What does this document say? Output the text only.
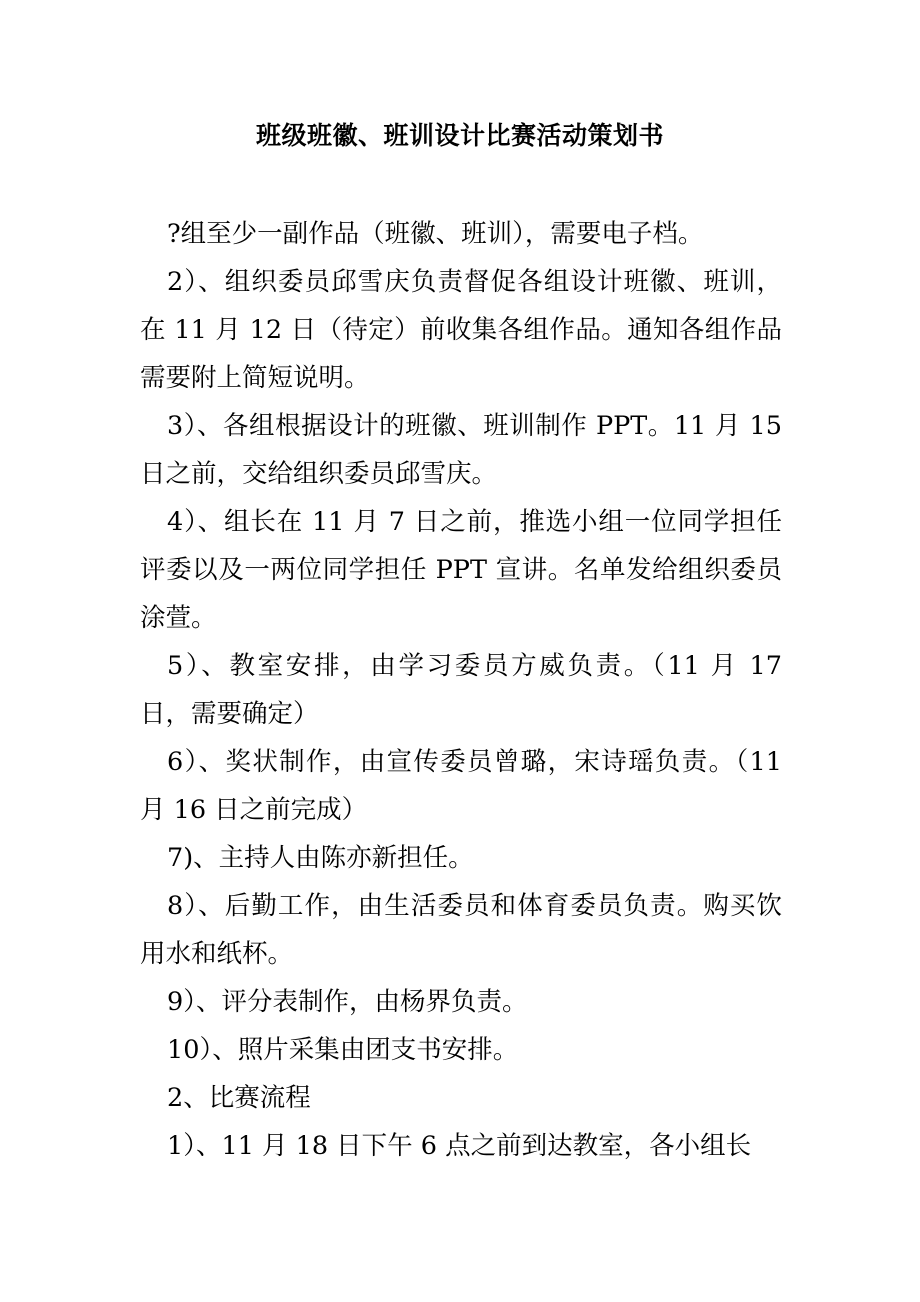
班级班徽、班训设计比赛活动策划书

?组至少一副作品（班徽、班训），需要电子档。

2）、组织委员邱雪庆负责督促各组设计班徽、班训，在 11 月 12 日（待定）前收集各组作品。通知各组作品需要附上简短说明。

3）、各组根据设计的班徽、班训制作 PPT。11 月 15 日之前，交给组织委员邱雪庆。

4）、组长在 11 月 7 日之前，推选小组一位同学担任评委以及一两位同学担任 PPT 宣讲。名单发给组织委员涂萱。

5）、教室安排，由学习委员方威负责。（11 月 17 日，需要确定）

6）、奖状制作，由宣传委员曾璐，宋诗瑶负责。（11 月 16 日之前完成）

7)、主持人由陈亦新担任。

8）、后勤工作，由生活委员和体育委员负责。购买饮用水和纸杯。

9）、评分表制作，由杨界负责。

10）、照片采集由团支书安排。

2、比赛流程

1）、11 月 18 日下午 6 点之前到达教室，各小组长
